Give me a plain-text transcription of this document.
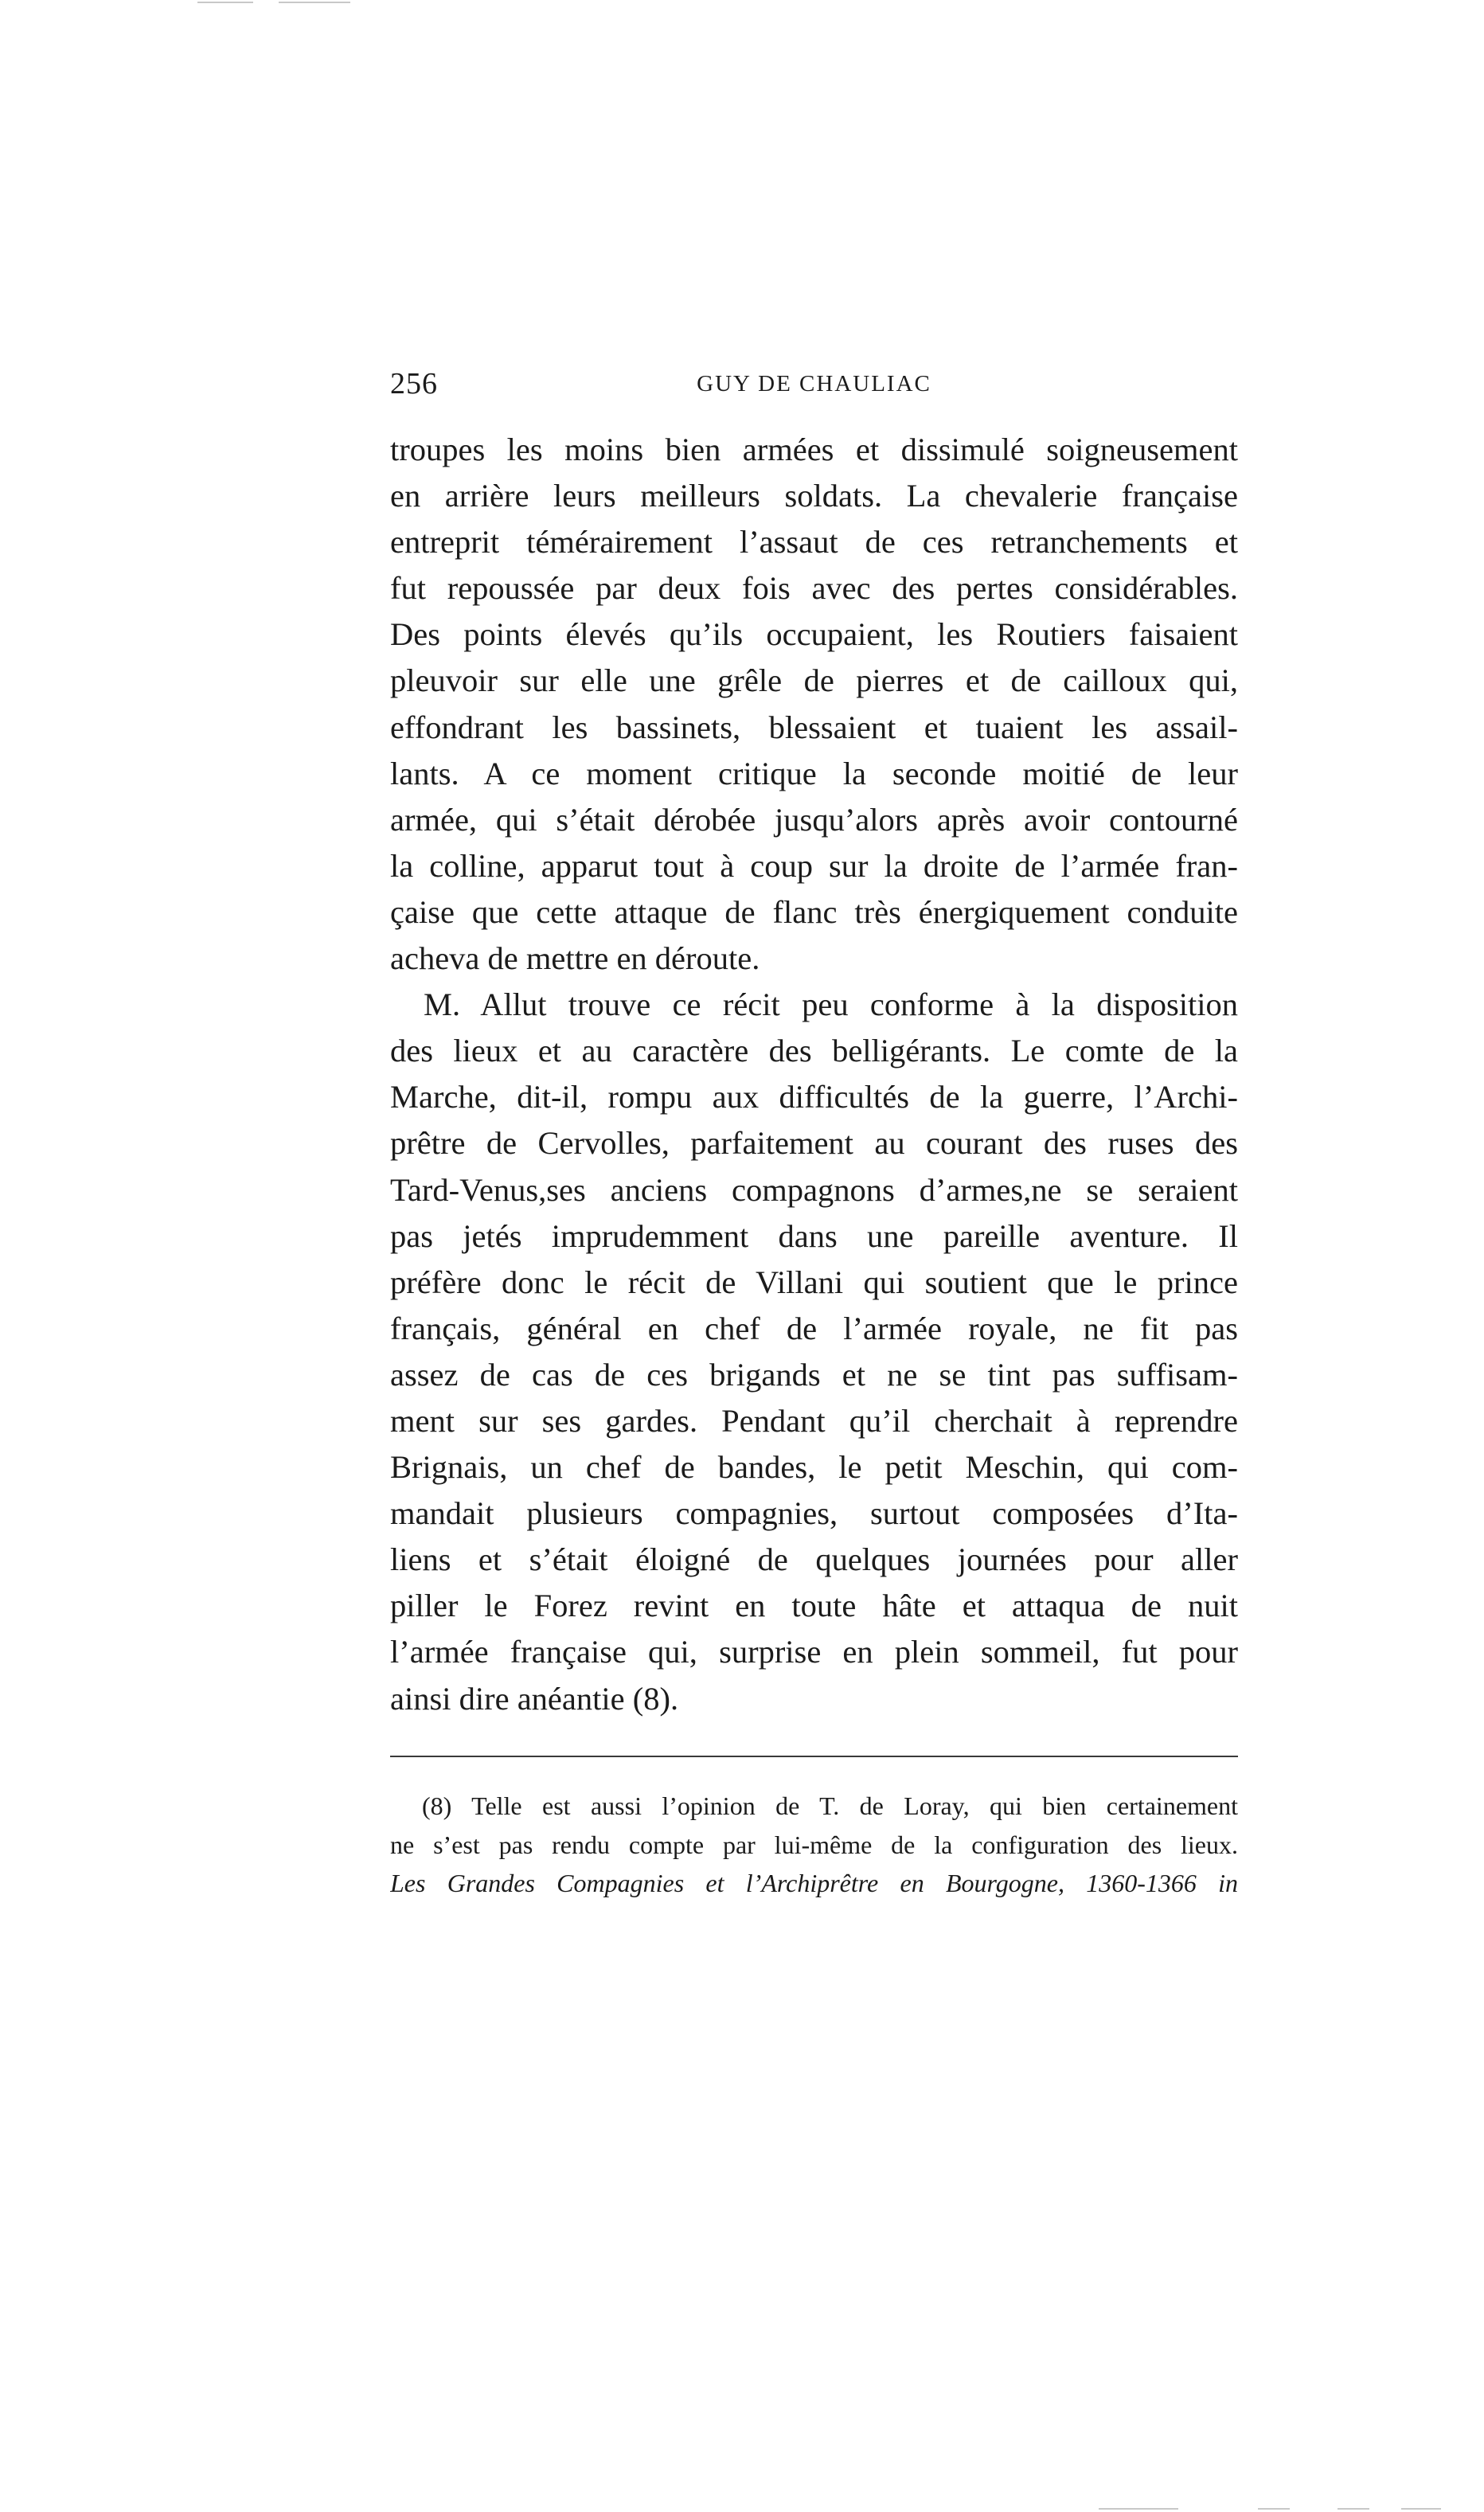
256	GUY DE CHAULIAC
troupes les moins bien armées et dissimulé soigneusement
en arrière leurs meilleurs soldats. La chevalerie française
entreprit témérairement l’assaut de ces retranchements et
fut repoussée par deux fois avec des pertes considérables.
Des points élevés qu’ils occupaient, les Routiers faisaient
pleuvoir sur elle une grêle de pierres et de cailloux qui,
effondrant les bassinets, blessaient et tuaient les assail-
lants. A ce moment critique la seconde moitié de leur
armée, qui s’était dérobée jusqu’alors après avoir contourné
la colline, apparut tout à coup sur la droite de l’armée fran-
çaise que cette attaque de flanc très énergiquement conduite
acheva de mettre en déroute.
M. Allut trouve ce récit peu conforme à la disposition
des lieux et au caractère des belligérants. Le comte de la
Marche, dit-il, rompu aux difficultés de la guerre, l’Archi-
prêtre de Cervolles, parfaitement au courant des ruses des
Tard-Venus,ses anciens compagnons d’armes,ne se seraient
pas jetés imprudemment dans une pareille aventure. Il
préfère donc le récit de Villani qui soutient que le prince
français, général en chef de l’armée royale, ne fit pas
assez de cas de ces brigands et ne se tint pas suffisam-
ment sur ses gardes. Pendant qu’il cherchait à reprendre
Brignais, un chef de bandes, le petit Meschin, qui com-
mandait plusieurs compagnies, surtout composées d’Ita-
liens et s’était éloigné de quelques journées pour aller
piller le Forez revint en toute hâte et attaqua de nuit
l’armée française qui, surprise en plein sommeil, fut pour
ainsi dire anéantie (8).
(8) Telle est aussi l’opinion de T. de Loray, qui bien certainement
ne s’est pas rendu compte par lui-même de la configuration des lieux.
Les Grandes Compagnies et l’Archiprêtre en Bourgogne, 1360-1366 in
